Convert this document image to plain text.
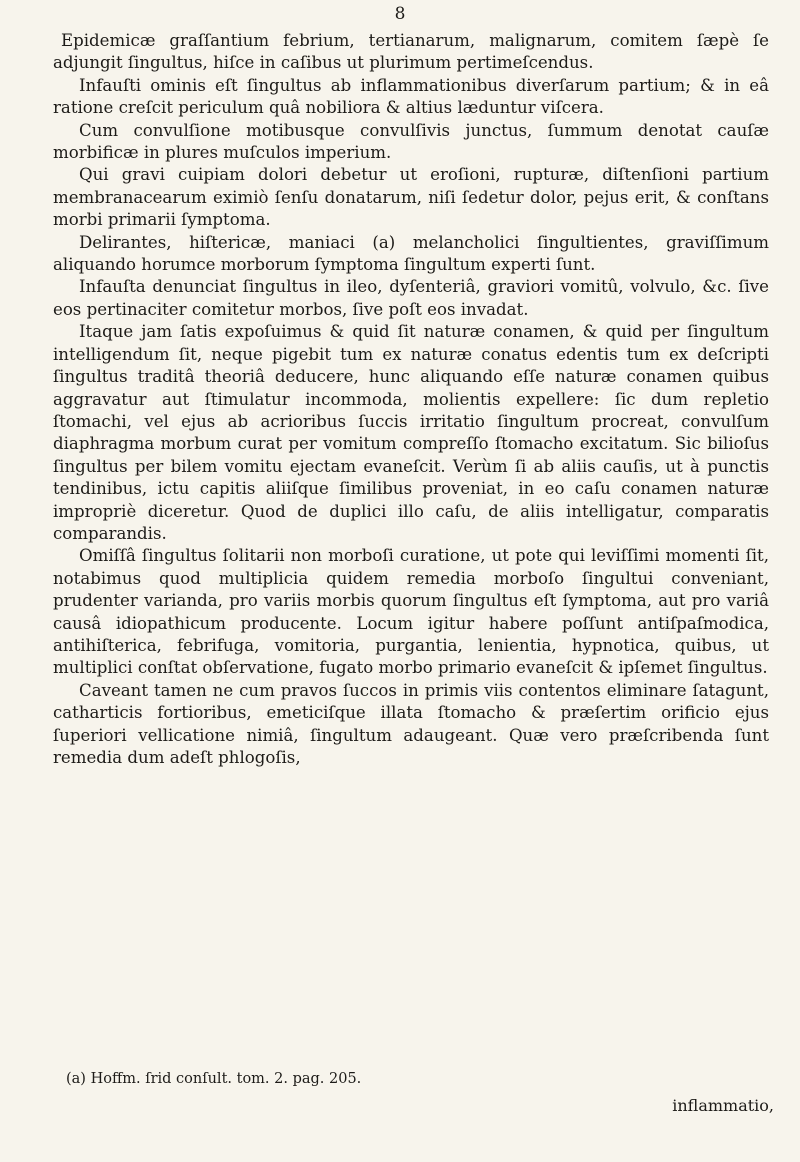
8

Epidemicæ graſſantium febrium, tertianarum, malignarum, comitem ſæpè ſe adjungit ſingultus, hiſce in caſibus ut plurimum pertimeſcendus.

Infauſti ominis eſt ſingultus ab inflammationibus diverſarum partium; & in eâ ratione creſcit periculum quâ nobiliora & altius læduntur viſcera.

Cum convulſione motibusque convulſivis junctus, ſummum denotat cauſæ morbificæ in plures muſculos imperium.

Qui gravi cuipiam dolori debetur ut eroſioni, rupturæ, diſtenſioni partium membranacearum eximiò ſenſu donatarum, niſi ſedetur dolor, pejus erit, & conſtans morbi primarii ſymptoma.

Delirantes, hiſtericæ, maniaci (a) melancholici ſingultientes, graviſſimum aliquando horumce morborum ſymptoma ſingultum experti ſunt.

Infauſta denunciat ſingultus in ileo, dyſenteriâ, graviori vomitû, volvulo, &c. ſive eos pertinaciter comitetur morbos, ſive poſt eos invadat.

Itaque jam ſatis expoſuimus & quid ſit naturæ conamen, & quid per ſingultum intelligendum ſit, neque pigebit tum ex naturæ conatus edentis tum ex deſcripti ſingultus traditâ theoriâ deducere, hunc aliquando eſſe naturæ conamen quibus aggravatur aut ſtimulatur incommoda, molientis expellere: ſic dum repletio ſtomachi, vel ejus ab acrioribus ſuccis irritatio ſingultum procreat, convulſum diaphragma morbum curat per vomitum compreſſo ſtomacho excitatum. Sic bilioſus ſingultus per bilem vomitu ejectam evaneſcit. Verùm ſi ab aliis cauſis, ut à punctis tendinibus, ictu capitis aliiſque ſimilibus proveniat, in eo caſu conamen naturæ impropriè diceretur. Quod de duplici illo caſu, de aliis intelligatur, comparatis comparandis.

Omiſſâ ſingultus ſolitarii non morboſi curatione, ut pote qui leviſſimi momenti ſit, notabimus quod multiplicia quidem remedia morboſo ſingultui conveniant, prudenter varianda, pro variis morbis quorum ſingultus eſt ſymptoma, aut pro variâ causâ idiopathicum producente. Locum igitur habere poſſunt antiſpaſmodica, antihiſterica, febrifuga, vomitoria, purgantia, lenientia, hypnotica, quibus, ut multiplici conſtat obſervatione, fugato morbo primario evaneſcit & ipſemet ſingultus.

Caveant tamen ne cum pravos ſuccos in primis viis contentos eliminare ſatagunt, catharticis fortioribus, emeticiſque illata ſtomacho & præſertim orificio ejus ſuperiori vellicatione nimiâ, ſingultum adaugeant. Quæ vero præſcribenda ſunt remedia dum adeſt phlogoſis,

(a) Hoffm. ſrid conſult. tom. 2. pag. 205.
inflammatio,
